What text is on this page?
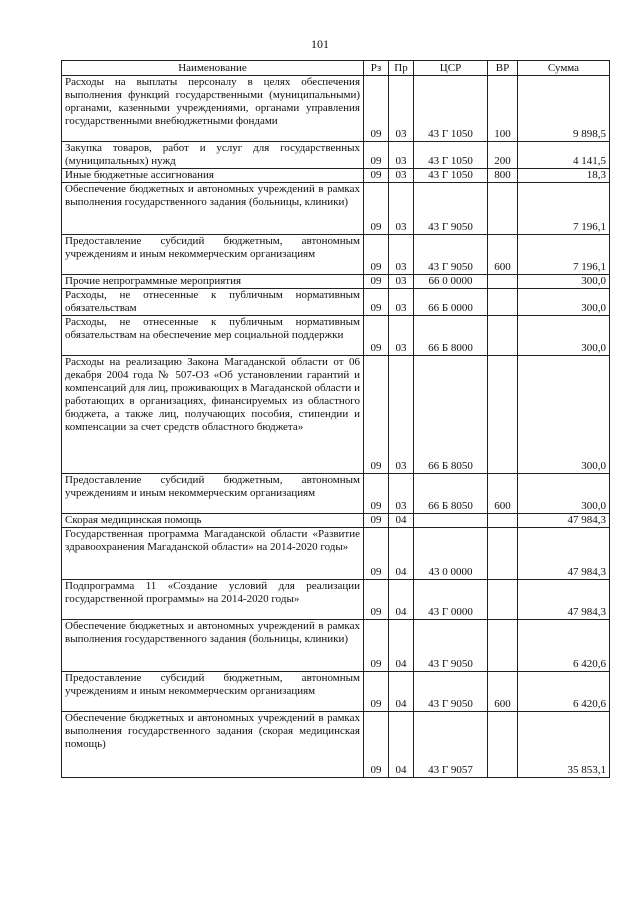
101
Наименование	Рз	Пр	ЦСР	ВР	Сумма
Расходы на выплаты персоналу в целях обеспечения выполнения функций государственными (муниципальными) органами, казенными учреждениями, органами управления государственными внебюджетными фондами	09	03	43 Г 1050	100	9 898,5
Закупка товаров, работ и услуг для государственных (муниципальных) нужд	09	03	43 Г 1050	200	4 141,5
Иные бюджетные ассигнования	09	03	43 Г 1050	800	18,3
Обеспечение бюджетных и автономных учреждений в рамках выполнения государственного задания (больницы, клиники)	09	03	43 Г 9050		7 196,1
Предоставление субсидий бюджетным, автономным учреждениям и иным некоммерческим организациям	09	03	43 Г 9050	600	7 196,1
Прочие непрограммные мероприятия	09	03	66 0 0000		300,0
Расходы, не отнесенные к публичным нормативным обязательствам	09	03	66 Б 0000		300,0
Расходы, не отнесенные к публичным нормативным обязательствам на обеспечение мер социальной поддержки	09	03	66 Б 8000		300,0
Расходы на реализацию Закона Магаданской области от 06 декабря 2004 года № 507-ОЗ «Об установлении гарантий и компенсаций для лиц, проживающих в Магаданской области и работающих в организациях, финансируемых из областного бюджета, а также лиц, получающих пособия, стипендии и компенсации за счет средств областного бюджета»	09	03	66 Б 8050		300,0
Предоставление субсидий бюджетным, автономным учреждениям и иным некоммерческим организациям	09	03	66 Б 8050	600	300,0
Скорая медицинская помощь	09	04			47 984,3
Государственная программа Магаданской области «Развитие здравоохранения Магаданской области» на 2014-2020 годы»	09	04	43 0 0000		47 984,3
Подпрограмма 11 «Создание условий для реализации государственной программы» на 2014-2020 годы»	09	04	43 Г 0000		47 984,3
Обеспечение бюджетных и автономных учреждений в рамках выполнения государственного задания (больницы, клиники)	09	04	43 Г 9050		6 420,6
Предоставление субсидий бюджетным, автономным учреждениям и иным некоммерческим организациям	09	04	43 Г 9050	600	6 420,6
Обеспечение бюджетных и автономных учреждений в рамках выполнения государственного задания (скорая медицинская помощь)	09	04	43 Г 9057		35 853,1
